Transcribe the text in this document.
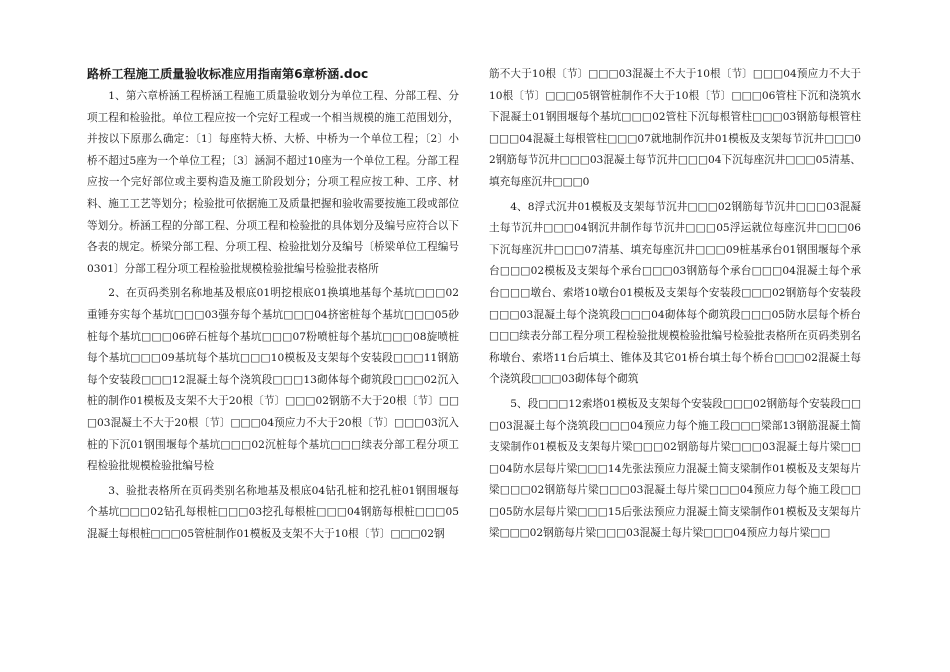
路桥工程施工质量验收标准应用指南第6章桥涵.doc

1、第六章桥涵工程桥涵工程施工质量验收划分为单位工程、分部工程、分项工程和检验批。单位工程应按一个完好工程或一个相当规模的施工范围划分，并按以下原那么确定：〔1〕每座特大桥、大桥、中桥为一个单位工程；〔2〕小桥不超过5座为一个单位工程；〔3〕涵洞不超过10座为一个单位工程。分部工程应按一个完好部位或主要构造及施工阶段划分；分项工程应按工种、工序、材料、施工工艺等划分；检验批可依据施工及质量把握和验收需要按施工段或部位等划分。桥涵工程的分部工程、分项工程和检验批的具体划分及编号应符合以下各表的规定。桥梁分部工程、分项工程、检验批划分及编号〔桥梁单位工程编号0301〕分部工程分项工程检验批规模检验批编号检验批表格所

2、在页码类别名称地基及根底01明挖根底01换填地基每个基坑□□□02重锤夯实每个基坑□□□03强夯每个基坑□□□04挤密桩每个基坑□□□05砂桩每个基坑□□□06碎石桩每个基坑□□□07粉喷桩每个基坑□□□08旋喷桩每个基坑□□□09基坑每个基坑□□□10模板及支架每个安装段□□□11钢筋每个安装段□□□12混凝土每个浇筑段□□□13砌体每个砌筑段□□□02沉入桩的制作01模板及支架不大于20根〔节〕□□□02钢筋不大于20根〔节〕□□□03混凝土不大于20根〔节〕□□□04预应力不大于20根〔节〕□□□03沉入桩的下沉01钢围堰每个基坑□□□02沉桩每个基坑□□□续表分部工程分项工程检验批规模检验批编号检

3、验批表格所在页码类别名称地基及根底04钻孔桩和挖孔桩01钢围堰每个基坑□□□02钻孔每根桩□□□03挖孔每根桩□□□04钢筋每根桩□□□05混凝土每根桩□□□05管桩制作01模板及支架不大于10根〔节〕□□□02钢

筋不大于10根〔节〕□□□03混凝土不大于10根〔节〕□□□04预应力不大于10根〔节〕□□□05钢管桩制作不大于10根〔节〕□□□06管柱下沉和浇筑水下混凝土01钢围堰每个基坑□□□02管柱下沉每根管柱□□□03钢筋每根管柱□□□04混凝土每根管柱□□□07就地制作沉井01模板及支架每节沉井□□□02钢筋每节沉井□□□03混凝土每节沉井□□□04下沉每座沉井□□□05清基、填充每座沉井□□□0

4、8浮式沉井01模板及支架每节沉井□□□02钢筋每节沉井□□□03混凝土每节沉井□□□04钢沉井制作每节沉井□□□05浮运就位每座沉井□□□06下沉每座沉井□□□07清基、填充每座沉井□□□09桩基承台01钢围堰每个承台□□□02模板及支架每个承台□□□03钢筋每个承台□□□04混凝土每个承台□□□墩台、索塔10墩台01模板及支架每个安装段□□□02钢筋每个安装段□□□03混凝土每个浇筑段□□□04砌体每个砌筑段□□□05防水层每个桥台□□□续表分部工程分项工程检验批规模检验批编号检验批表格所在页码类别名称墩台、索塔11台后填土、锥体及其它01桥台填土每个桥台□□□02混凝土每个浇筑段□□□03砌体每个砌筑

5、段□□□12索塔01模板及支架每个安装段□□□02钢筋每个安装段□□□03混凝土每个浇筑段□□□04预应力每个施工段□□□梁部13钢筋混凝土简支梁制作01模板及支架每片梁□□□02钢筋每片梁□□□03混凝土每片梁□□□04防水层每片梁□□□14先张法预应力混凝土简支梁制作01模板及支架每片梁□□□02钢筋每片梁□□□03混凝土每片梁□□□04预应力每个施工段□□□05防水层每片梁□□□15后张法预应力混凝土简支梁制作01模板及支架每片梁□□□02钢筋每片梁□□□03混凝土每片梁□□□04预应力每片梁□□
